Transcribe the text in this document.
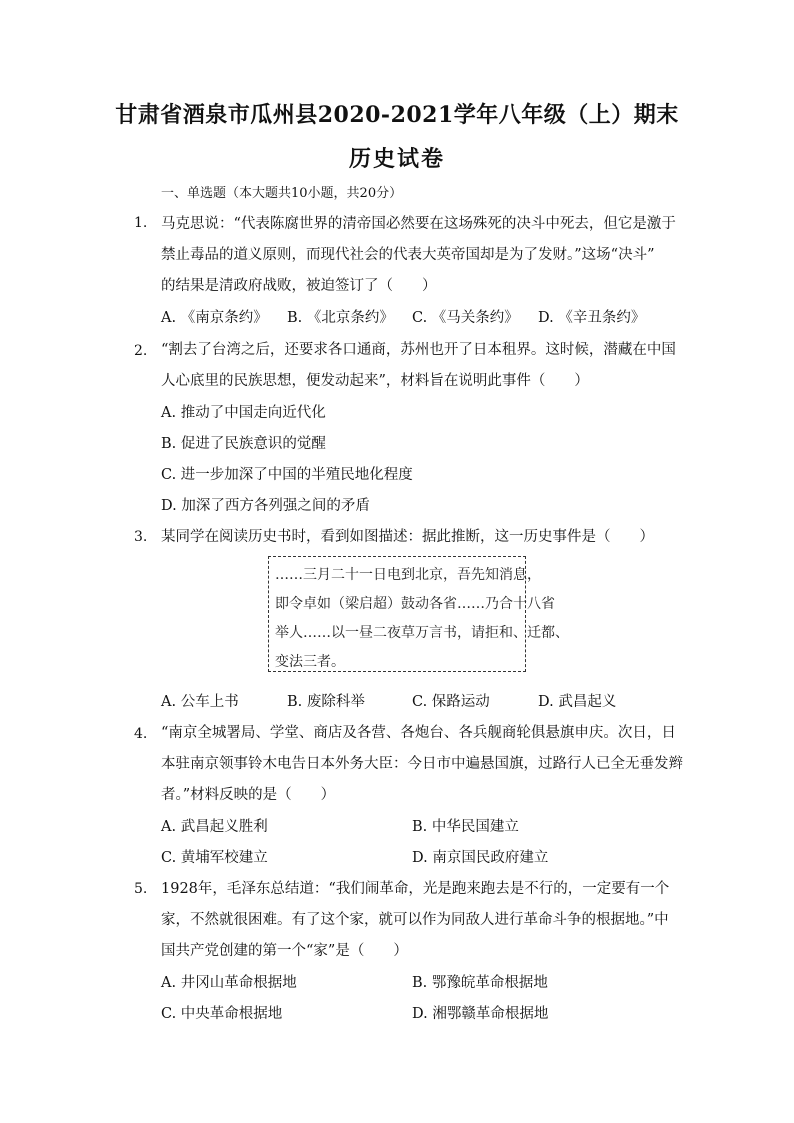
甘肃省酒泉市瓜州县2020-2021学年八年级（上）期末
历史试卷
一、单选题（本大题共10小题，共20分）
1. 马克思说：“代表陈腐世界的清帝国必然要在这场殊死的决斗中死去，但它是激于
禁止毒品的道义原则，而现代社会的代表大英帝国却是为了发财。”这场“决斗”
的结果是清政府战败，被迫签订了（　　）
A. 《南京条约》 B. 《北京条约》 C. 《马关条约》 D. 《辛丑条约》
2. “割去了台湾之后，还要求各口通商，苏州也开了日本租界。这时候，潜藏在中国
人心底里的民族思想，便发动起来”，材料旨在说明此事件（　　）
A. 推动了中国走向近代化
B. 促进了民族意识的觉醒
C. 进一步加深了中国的半殖民地化程度
D. 加深了西方各列强之间的矛盾
3. 某同学在阅读历史书时，看到如图描述：据此推断，这一历史事件是（　　）
……三月二十一日电到北京，吾先知消息，
即令卓如（梁启超）鼓动各省……乃合十八省
举人……以一昼二夜草万言书，请拒和、迁都、
变法三者。
A. 公车上书	B. 废除科举	C. 保路运动	D. 武昌起义
4. “南京全城署局、学堂、商店及各营、各炮台、各兵舰商轮俱悬旗申庆。次日，日
本驻南京领事铃木电告日本外务大臣：今日市中遍悬国旗，过路行人已全无垂发辫
者。”材料反映的是（　　）
A. 武昌起义胜利	B. 中华民国建立
C. 黄埔军校建立	D. 南京国民政府建立
5. 1928年，毛泽东总结道：“我们闹革命，光是跑来跑去是不行的，一定要有一个
家，不然就很困难。有了这个家，就可以作为同敌人进行革命斗争的根据地。”中
国共产党创建的第一个“家”是（　　）
A. 井冈山革命根据地	B. 鄂豫皖革命根据地
C. 中央革命根据地	D. 湘鄂赣革命根据地
